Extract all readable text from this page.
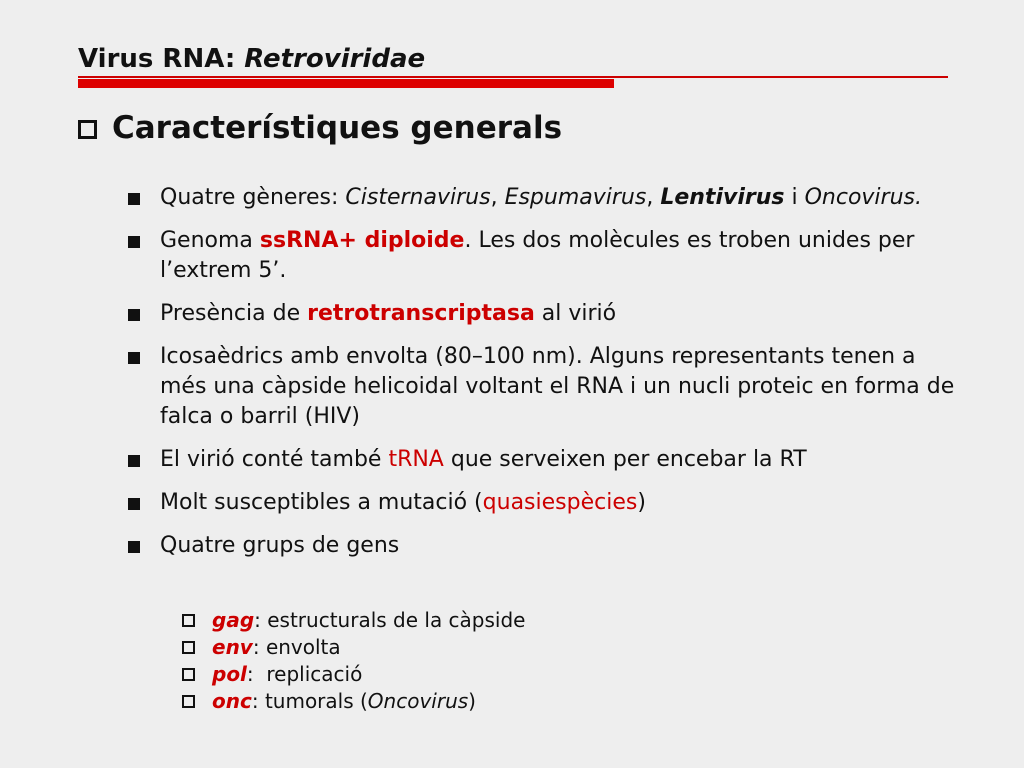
Virus RNA: Retroviridae
Característiques generals
Quatre gèneres: Cisternavirus, Espumavirus, Lentivirus i Oncovirus.
Genoma ssRNA+ diploide. Les dos molècules es troben unides per l’extrem 5’.
Presència de retrotranscriptasa al virió
Icosaèdrics amb envolta (80–100 nm). Alguns representants tenen a més una càpside helicoidal voltant el RNA i un nucli proteic en forma de falca o barril (HIV)
El virió conté també tRNA que serveixen per encebar la RT
Molt susceptibles a mutació (quasiespècies)
Quatre grups de gens
gag: estructurals de la càpside
env: envolta
pol:  replicació
onc: tumorals (Oncovirus)
